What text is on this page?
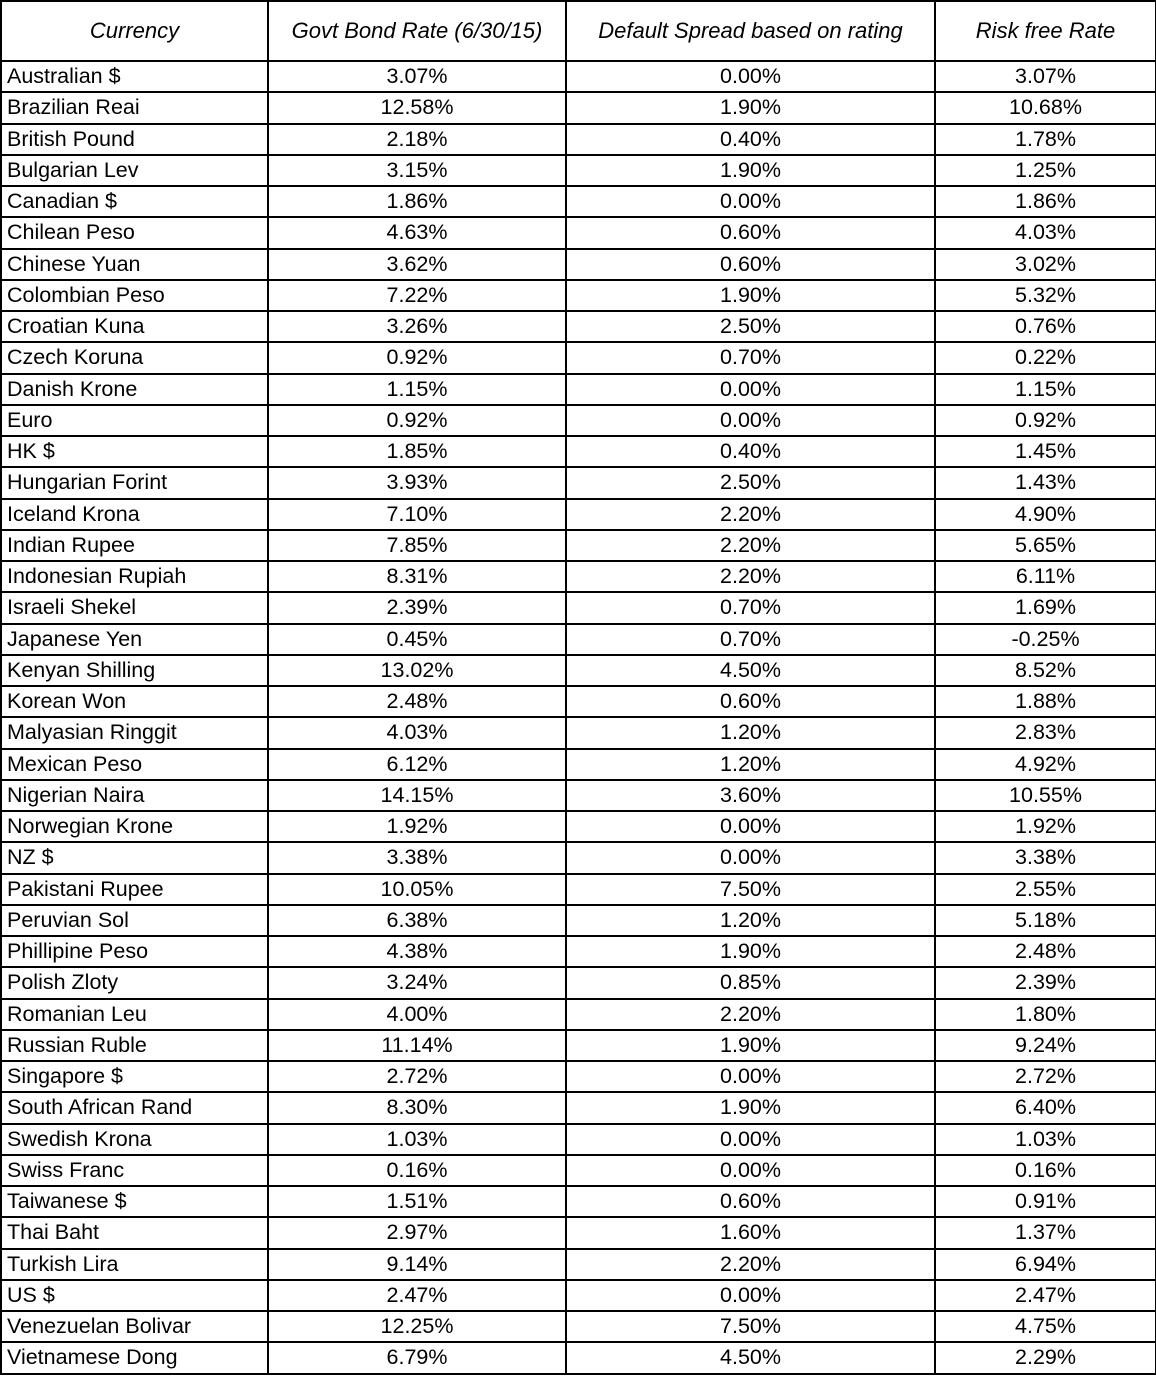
Currency	Govt Bond Rate (6/30/15)	Default Spread based on rating	Risk free Rate
Australian $	3.07%	0.00%	3.07%
Brazilian Reai	12.58%	1.90%	10.68%
British Pound	2.18%	0.40%	1.78%
Bulgarian Lev	3.15%	1.90%	1.25%
Canadian $	1.86%	0.00%	1.86%
Chilean Peso	4.63%	0.60%	4.03%
Chinese Yuan	3.62%	0.60%	3.02%
Colombian Peso	7.22%	1.90%	5.32%
Croatian Kuna	3.26%	2.50%	0.76%
Czech Koruna	0.92%	0.70%	0.22%
Danish Krone	1.15%	0.00%	1.15%
Euro	0.92%	0.00%	0.92%
HK $	1.85%	0.40%	1.45%
Hungarian Forint	3.93%	2.50%	1.43%
Iceland Krona	7.10%	2.20%	4.90%
Indian Rupee	7.85%	2.20%	5.65%
Indonesian Rupiah	8.31%	2.20%	6.11%
Israeli Shekel	2.39%	0.70%	1.69%
Japanese Yen	0.45%	0.70%	-0.25%
Kenyan Shilling	13.02%	4.50%	8.52%
Korean Won	2.48%	0.60%	1.88%
Malyasian Ringgit	4.03%	1.20%	2.83%
Mexican Peso	6.12%	1.20%	4.92%
Nigerian Naira	14.15%	3.60%	10.55%
Norwegian Krone	1.92%	0.00%	1.92%
NZ $	3.38%	0.00%	3.38%
Pakistani Rupee	10.05%	7.50%	2.55%
Peruvian Sol	6.38%	1.20%	5.18%
Phillipine Peso	4.38%	1.90%	2.48%
Polish Zloty	3.24%	0.85%	2.39%
Romanian Leu	4.00%	2.20%	1.80%
Russian Ruble	11.14%	1.90%	9.24%
Singapore $	2.72%	0.00%	2.72%
South African Rand	8.30%	1.90%	6.40%
Swedish Krona	1.03%	0.00%	1.03%
Swiss Franc	0.16%	0.00%	0.16%
Taiwanese $	1.51%	0.60%	0.91%
Thai Baht	2.97%	1.60%	1.37%
Turkish Lira	9.14%	2.20%	6.94%
US $	2.47%	0.00%	2.47%
Venezuelan Bolivar	12.25%	7.50%	4.75%
Vietnamese Dong	6.79%	4.50%	2.29%
